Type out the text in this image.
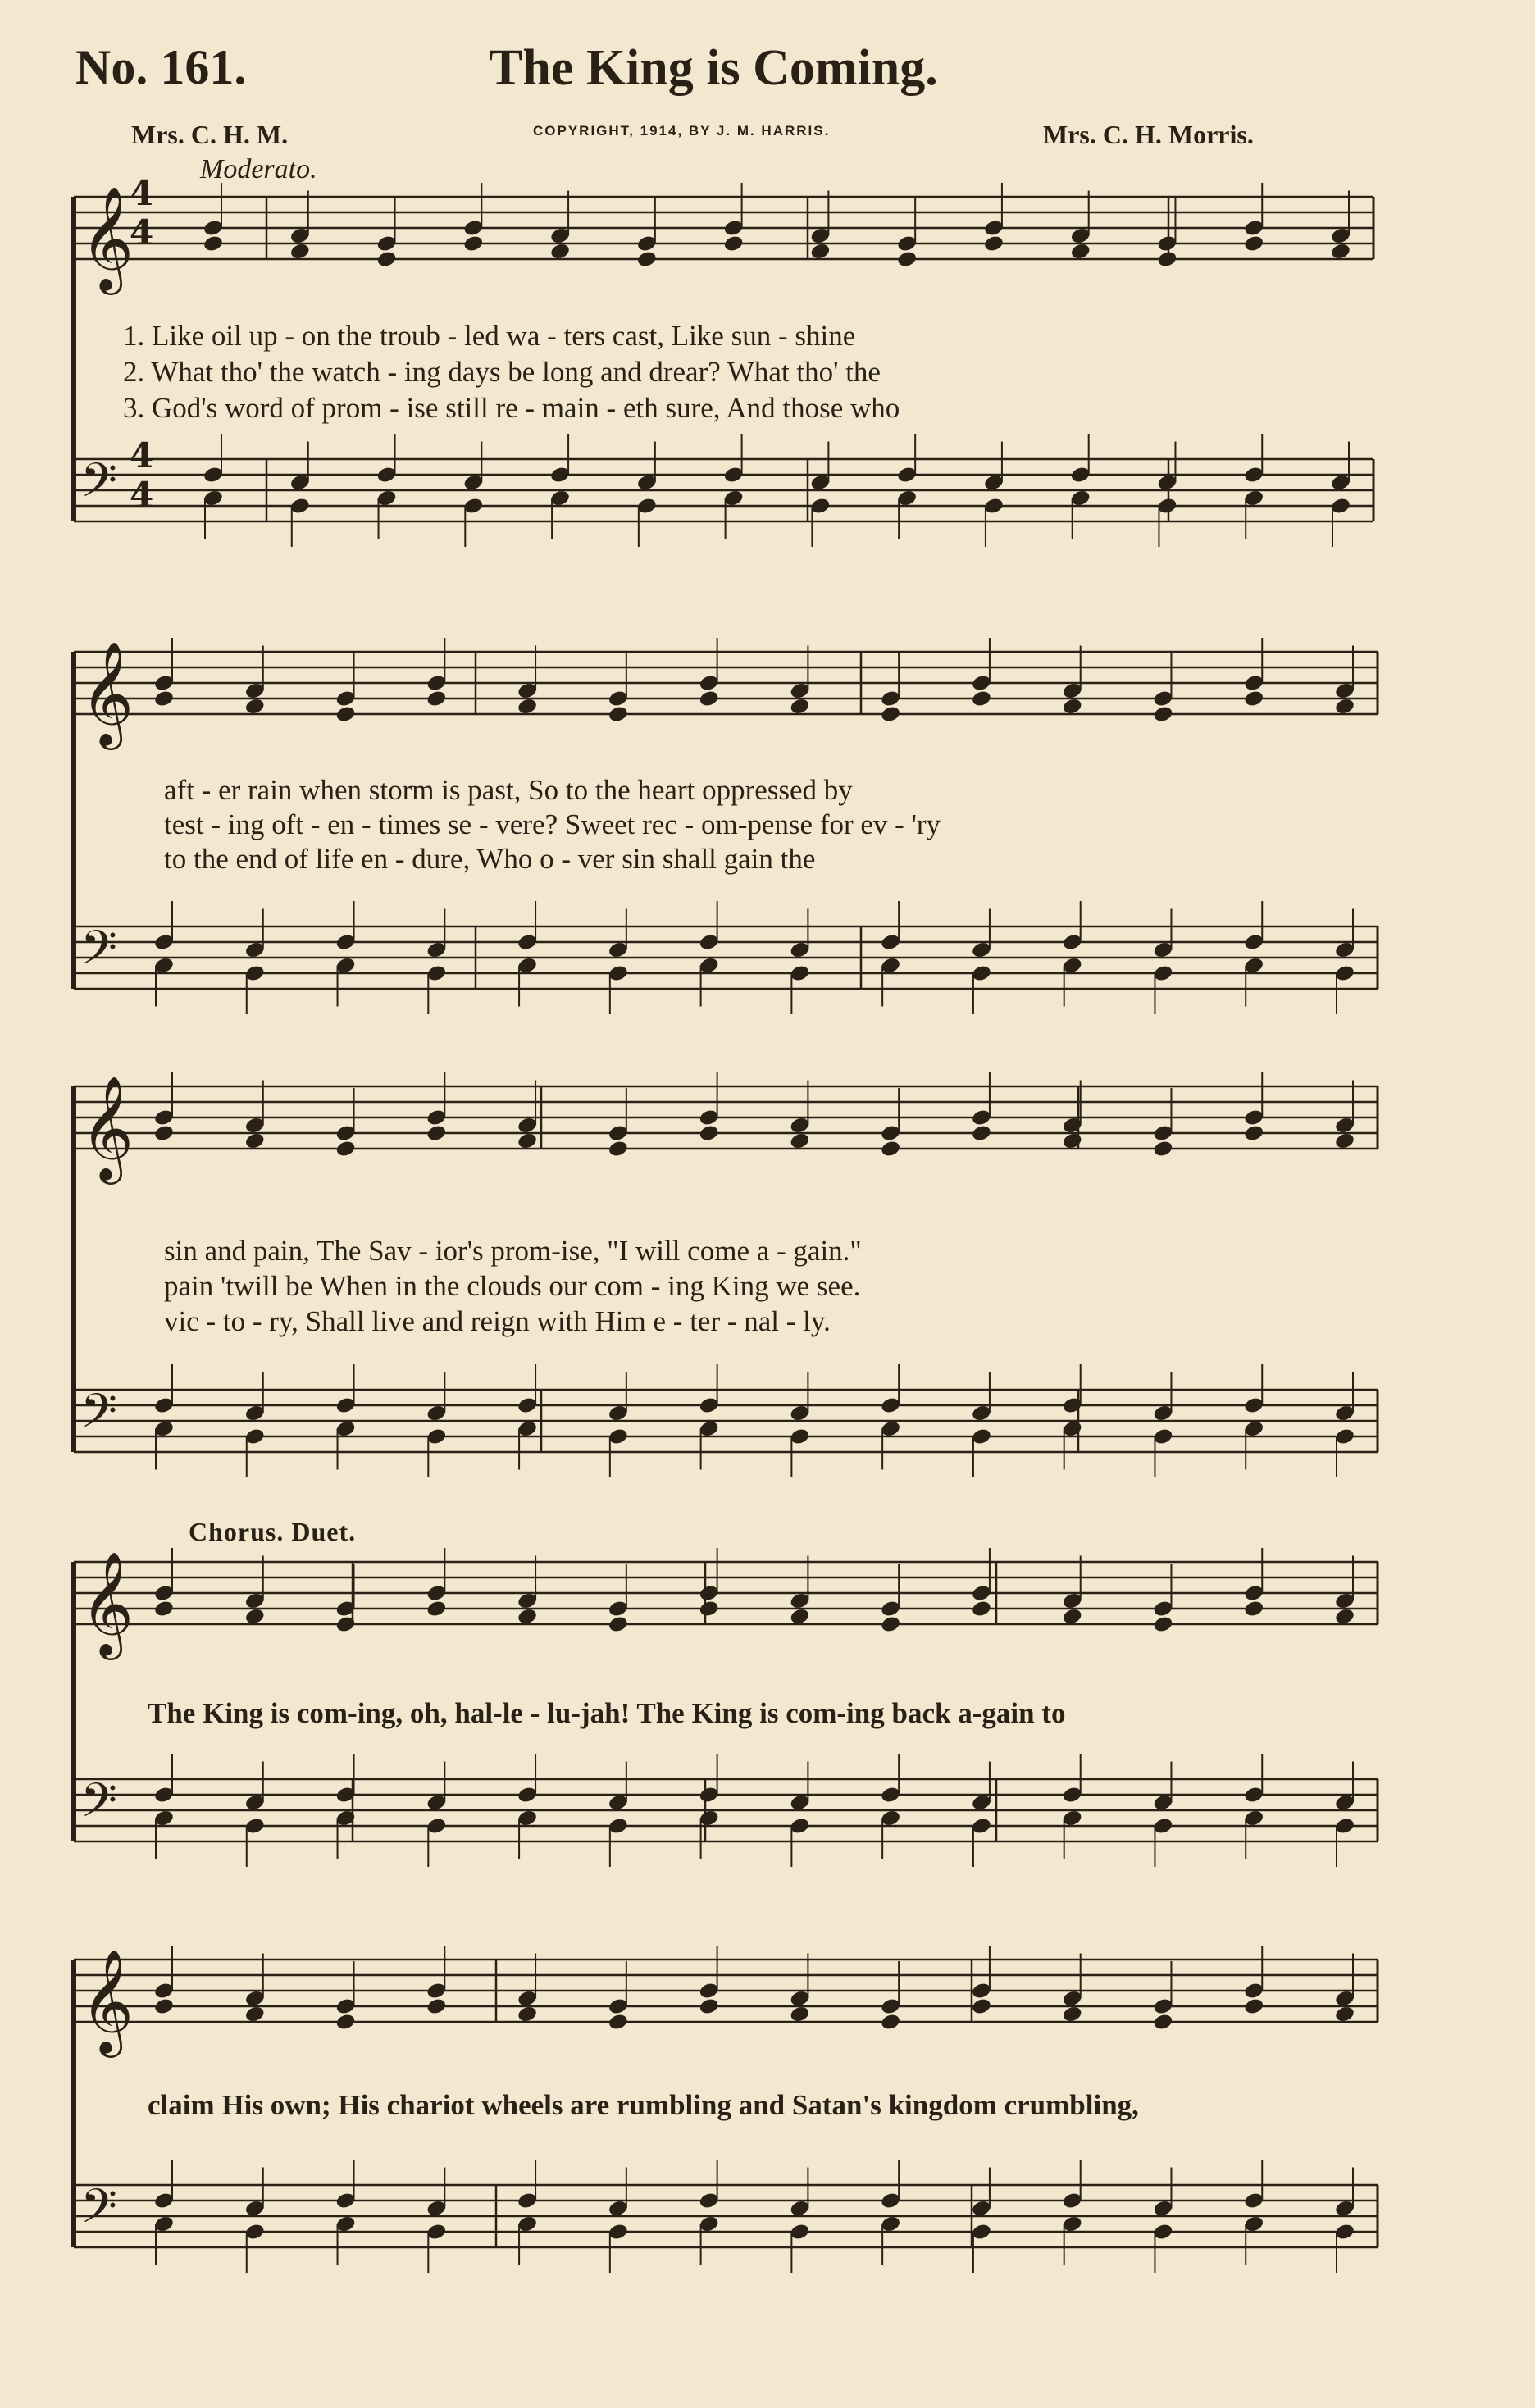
No. 161.	The King is Coming.
Mrs. C. H. M.	COPYRIGHT, 1914, BY J. M. HARRIS.	Mrs. C. H. Morris.
Moderato.
𝄞
𝄢
𝄞
𝄢
𝄞
𝄢
𝄞
𝄢
𝄞
𝄢
4
4
4
4
1. Like oil up - on the troub - led wa - ters cast, Like sun - shine
2. What tho' the watch - ing days be long and drear? What tho' the
3. God's word of prom - ise still re - main - eth sure, And those who
aft - er rain when storm is past, So to the heart oppressed by
test - ing oft - en - times se - vere? Sweet rec - om-pense for ev - 'ry
to the end of life en - dure, Who o - ver sin shall gain the
sin and pain, The Sav - ior's prom-ise, "I will come a - gain."
pain 'twill be When in the clouds our com - ing King we see.
vic - to - ry, Shall live and reign with Him e - ter - nal - ly.
Chorus. Duet.
The King is com-ing, oh, hal-le - lu-jah! The King is com-ing back a-gain to
claim His own; His chariot wheels are rumbling and Satan's kingdom crumbling,
